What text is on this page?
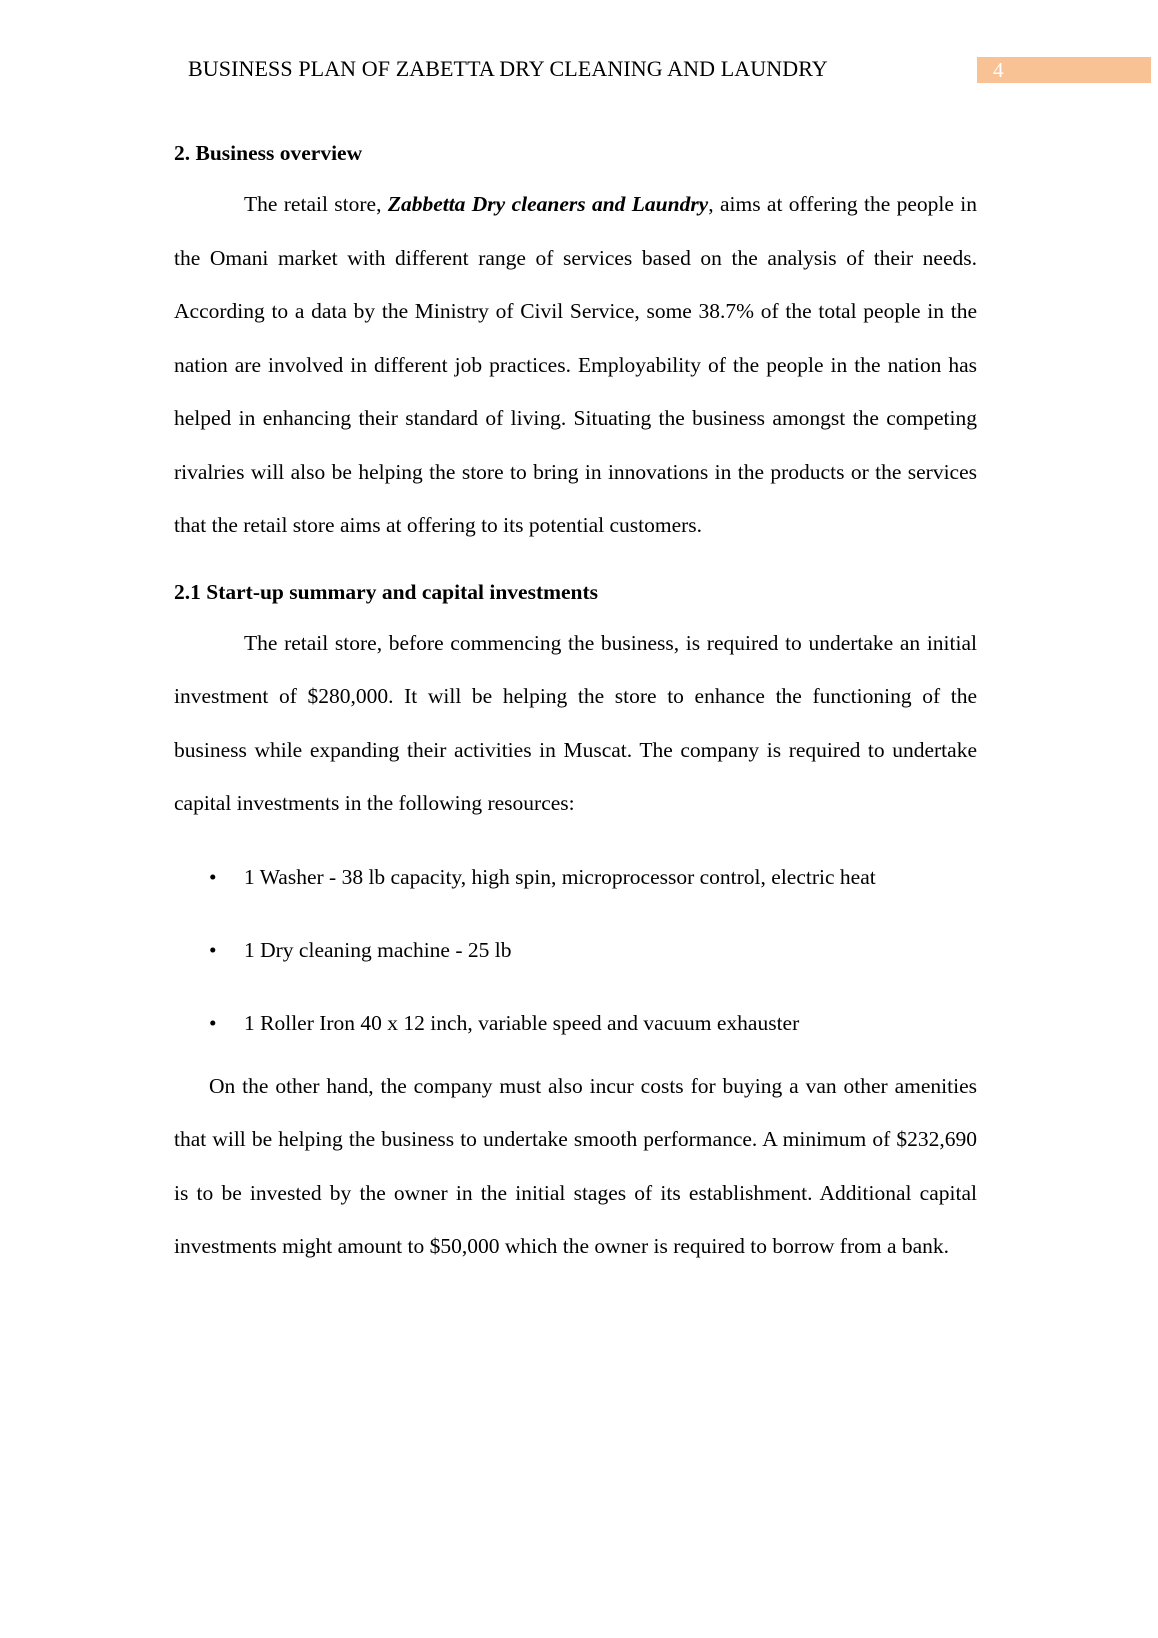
BUSINESS PLAN OF ZABETTA DRY CLEANING AND LAUNDRY	4
2. Business overview

The retail store, Zabbetta Dry cleaners and Laundry, aims at offering the people in the Omani market with different range of services based on the analysis of their needs. According to a data by the Ministry of Civil Service, some 38.7% of the total people in the nation are involved in different job practices. Employability of the people in the nation has helped in enhancing their standard of living. Situating the business amongst the competing rivalries will also be helping the store to bring in innovations in the products or the services that the retail store aims at offering to its potential customers.

2.1 Start-up summary and capital investments

The retail store, before commencing the business, is required to undertake an initial investment of $280,000. It will be helping the store to enhance the functioning of the business while expanding their activities in Muscat. The company is required to undertake capital investments in the following resources:

• 1 Washer - 38 lb capacity, high spin, microprocessor control, electric heat
• 1 Dry cleaning machine - 25 lb
• 1 Roller Iron 40 x 12 inch, variable speed and vacuum exhauster

On the other hand, the company must also incur costs for buying a van other amenities that will be helping the business to undertake smooth performance. A minimum of $232,690 is to be invested by the owner in the initial stages of its establishment. Additional capital investments might amount to $50,000 which the owner is required to borrow from a bank.
